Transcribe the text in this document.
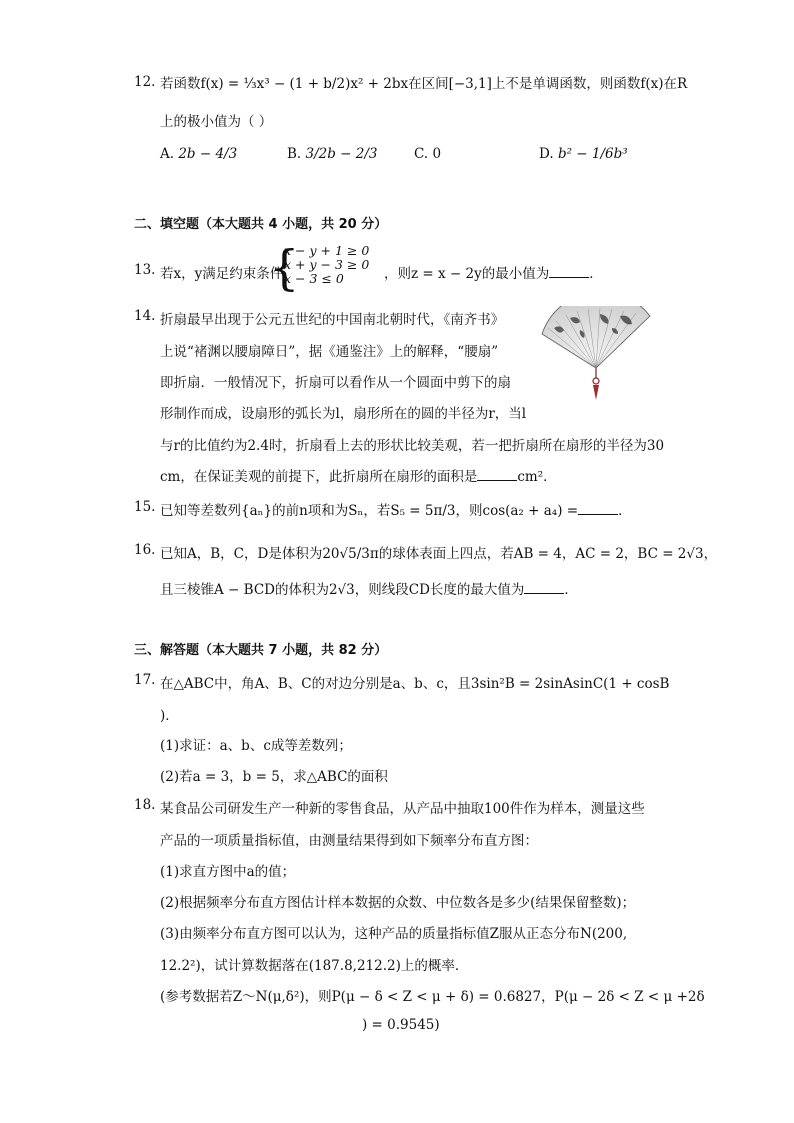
12. 若函数f(x) = ⅓x³ − (1 + b/2)x² + 2bx在区间[−3,1]上不是单调函数，则函数f(x)在R
上的极小值为（ ）
A. 2b − 4/3	B. 3/2b − 2/3	C. 0	D. b² − 1/6b³
二、填空题（本大题共 4 小题，共 20 分）
13. 若x，y满足约束条件
{
x − y + 1 ≥ 0
x + y − 3 ≥ 0
x − 3 ≤ 0	，则z = x − 2y的最小值为	．
14. 折扇最早出现于公元五世纪的中国南北朝时代，《南齐书》
上说“褚渊以腰扇障日”，据《通鉴注》上的解释，“腰扇”
即折扇．一般情况下，折扇可以看作从一个圆面中剪下的扇
形制作而成，设扇形的弧长为l，扇形所在的圆的半径为r，当l
与r的比值约为2.4时，折扇看上去的形状比较美观，若一把折扇所在扇形的半径为30
cm，在保证美观的前提下，此折扇所在扇形的面积是	cm²．
15. 已知等差数列{aₙ}的前n项和为Sₙ，若S₅ = 5π/3，则cos(a₂ + a₄) =	．
16. 已知A，B，C，D是体积为20√5/3π的球体表面上四点，若AB = 4，AC = 2，BC = 2√3，
且三棱锥A − BCD的体积为2√3，则线段CD长度的最大值为	．
三、解答题（本大题共 7 小题，共 82 分）
17. 在△ABC中，角A、B、C的对边分别是a、b、c，且3sin²B = 2sinAsinC(1 + cosB
)．
(1)求证：a、b、c成等差数列；
(2)若a = 3，b = 5，求△ABC的面积
18. 某食品公司研发生产一种新的零售食品，从产品中抽取100件作为样本，测量这些
产品的一项质量指标值，由测量结果得到如下频率分布直方图：
(1)求直方图中a的值；
(2)根据频率分布直方图估计样本数据的众数、中位数各是多少(结果保留整数)；
(3)由频率分布直方图可以认为，这种产品的质量指标值Z服从正态分布N(200,
12.2²)，试计算数据落在(187.8,212.2)上的概率．
(参考数据若Z～N(μ,δ²)，则P(μ − δ < Z < μ + δ) = 0.6827，P(μ − 2δ < Z < μ +2δ
) = 0.9545)
